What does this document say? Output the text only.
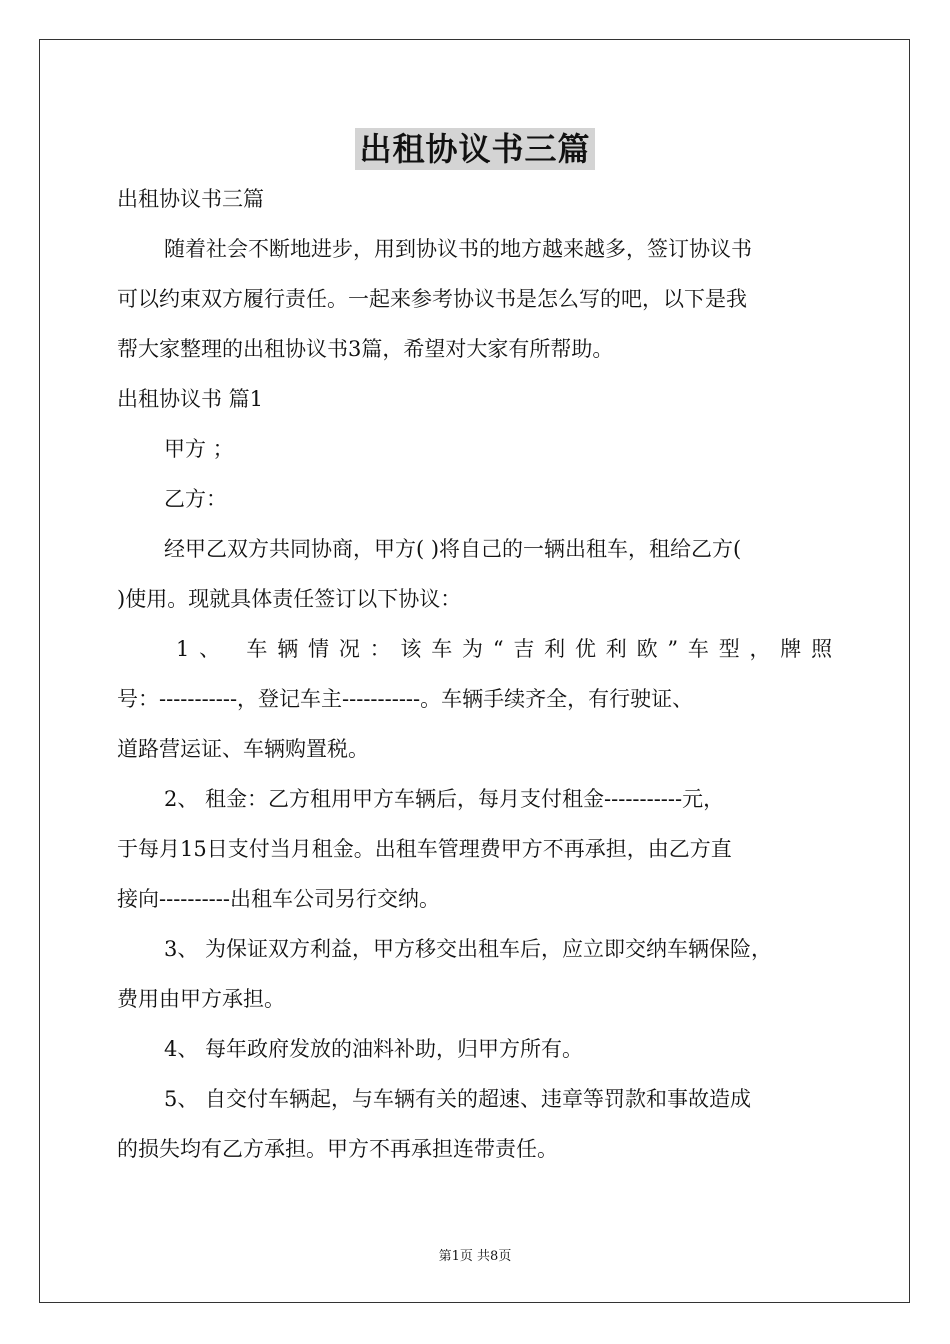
出租协议书三篇
出租协议书三篇
随着社会不断地进步，用到协议书的地方越来越多，签订协议书
可以约束双方履行责任。一起来参考协议书是怎么写的吧，以下是我
帮大家整理的出租协议书3篇，希望对大家有所帮助。
出租协议书 篇1
甲方 ；
乙方：
经甲乙双方共同协商，甲方( )将自己的一辆出租车，租给乙方(
)使用。现就具体责任签订以下协议：
1、 车辆情况：该车为“吉利优利欧”车型，牌照
号：-----------，登记车主-----------。车辆手续齐全，有行驶证、
道路营运证、车辆购置税。
2、 租金：乙方租用甲方车辆后，每月支付租金-----------元，
于每月15日支付当月租金。出租车管理费甲方不再承担，由乙方直
接向----------出租车公司另行交纳。
3、 为保证双方利益，甲方移交出租车后，应立即交纳车辆保险，
费用由甲方承担。
4、 每年政府发放的油料补助，归甲方所有。
5、 自交付车辆起，与车辆有关的超速、违章等罚款和事故造成
的损失均有乙方承担。甲方不再承担连带责任。
第1页 共8页
